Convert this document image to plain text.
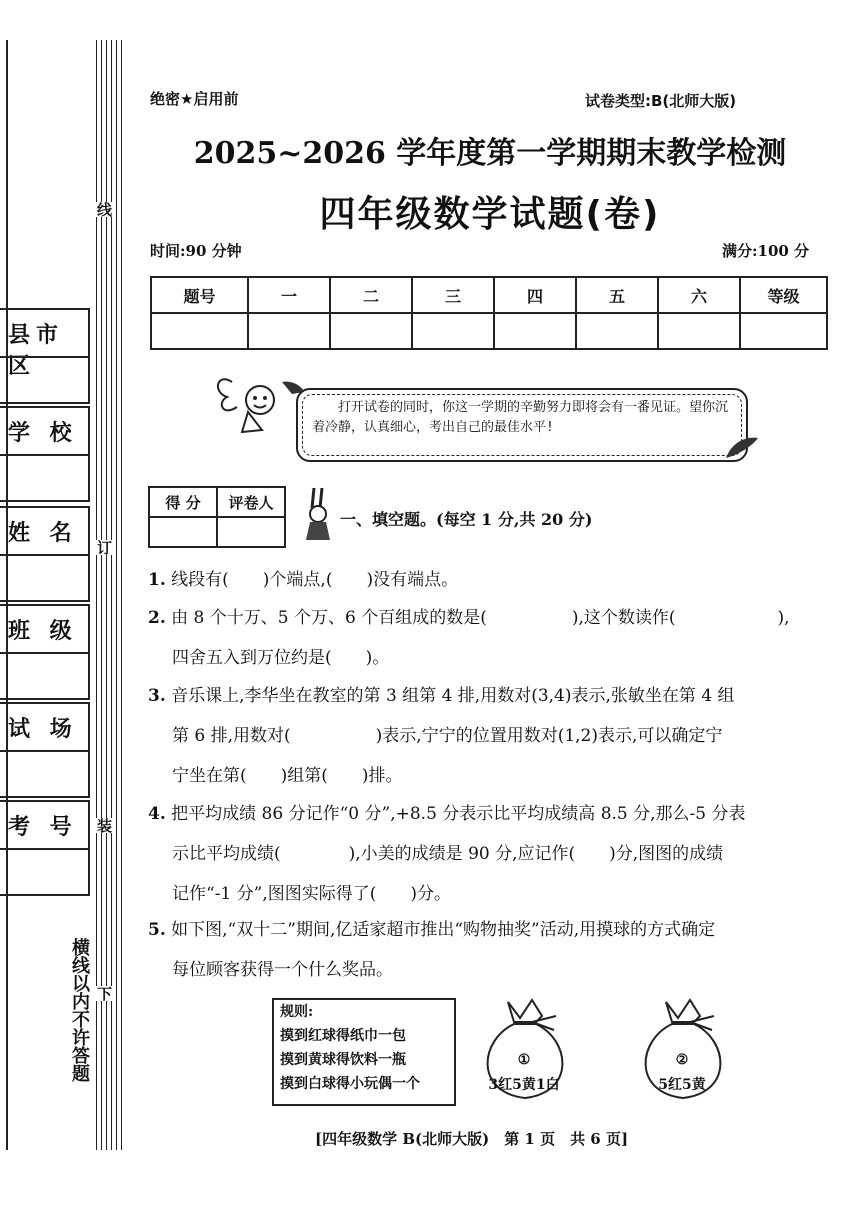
县市区
学 校
姓 名
班 级
试 场
考 号
线
订
装
横线以内不许答题 下
绝密★启用前	试卷类型:B(北师大版)
2025~2026 学年度第一学期期末教学检测
四年级数学试题(卷)
时间:90 分钟	满分:100 分
题号	一	二	三	四	五	六	等级

打开试卷的同时，你这一学期的辛勤努力即将会有一番见证。望你沉着冷静，认真细心，考出自己的最佳水平!
得 分	评卷人

一、填空题。(每空 1 分,共 20 分)
1. 线段有(　　)个端点,(　　)没有端点。
2. 由 8 个十万、5 个万、6 个百组成的数是(　　　　　),这个数读作(　　　　　　),
四舍五入到万位约是(　　)。
3. 音乐课上,李华坐在教室的第 3 组第 4 排,用数对(3,4)表示,张敏坐在第 4 组
第 6 排,用数对(　　　　　)表示,宁宁的位置用数对(1,2)表示,可以确定宁
宁坐在第(　　)组第(　　)排。
4. 把平均成绩 86 分记作“0 分”,+8.5 分表示比平均成绩高 8.5 分,那么-5 分表
示比平均成绩(　　　　),小美的成绩是 90 分,应记作(　　)分,图图的成绩
记作“-1 分”,图图实际得了(　　)分。
5. 如下图,“双十二”期间,亿适家超市推出“购物抽奖”活动,用摸球的方式确定
每位顾客获得一个什么奖品。
规则:
摸到红球得纸巾一包
摸到黄球得饮料一瓶
摸到白球得小玩偶一个
①
3红5黄1白
②
5红5黄
[四年级数学 B(北师大版)　第 1 页　共 6 页]
